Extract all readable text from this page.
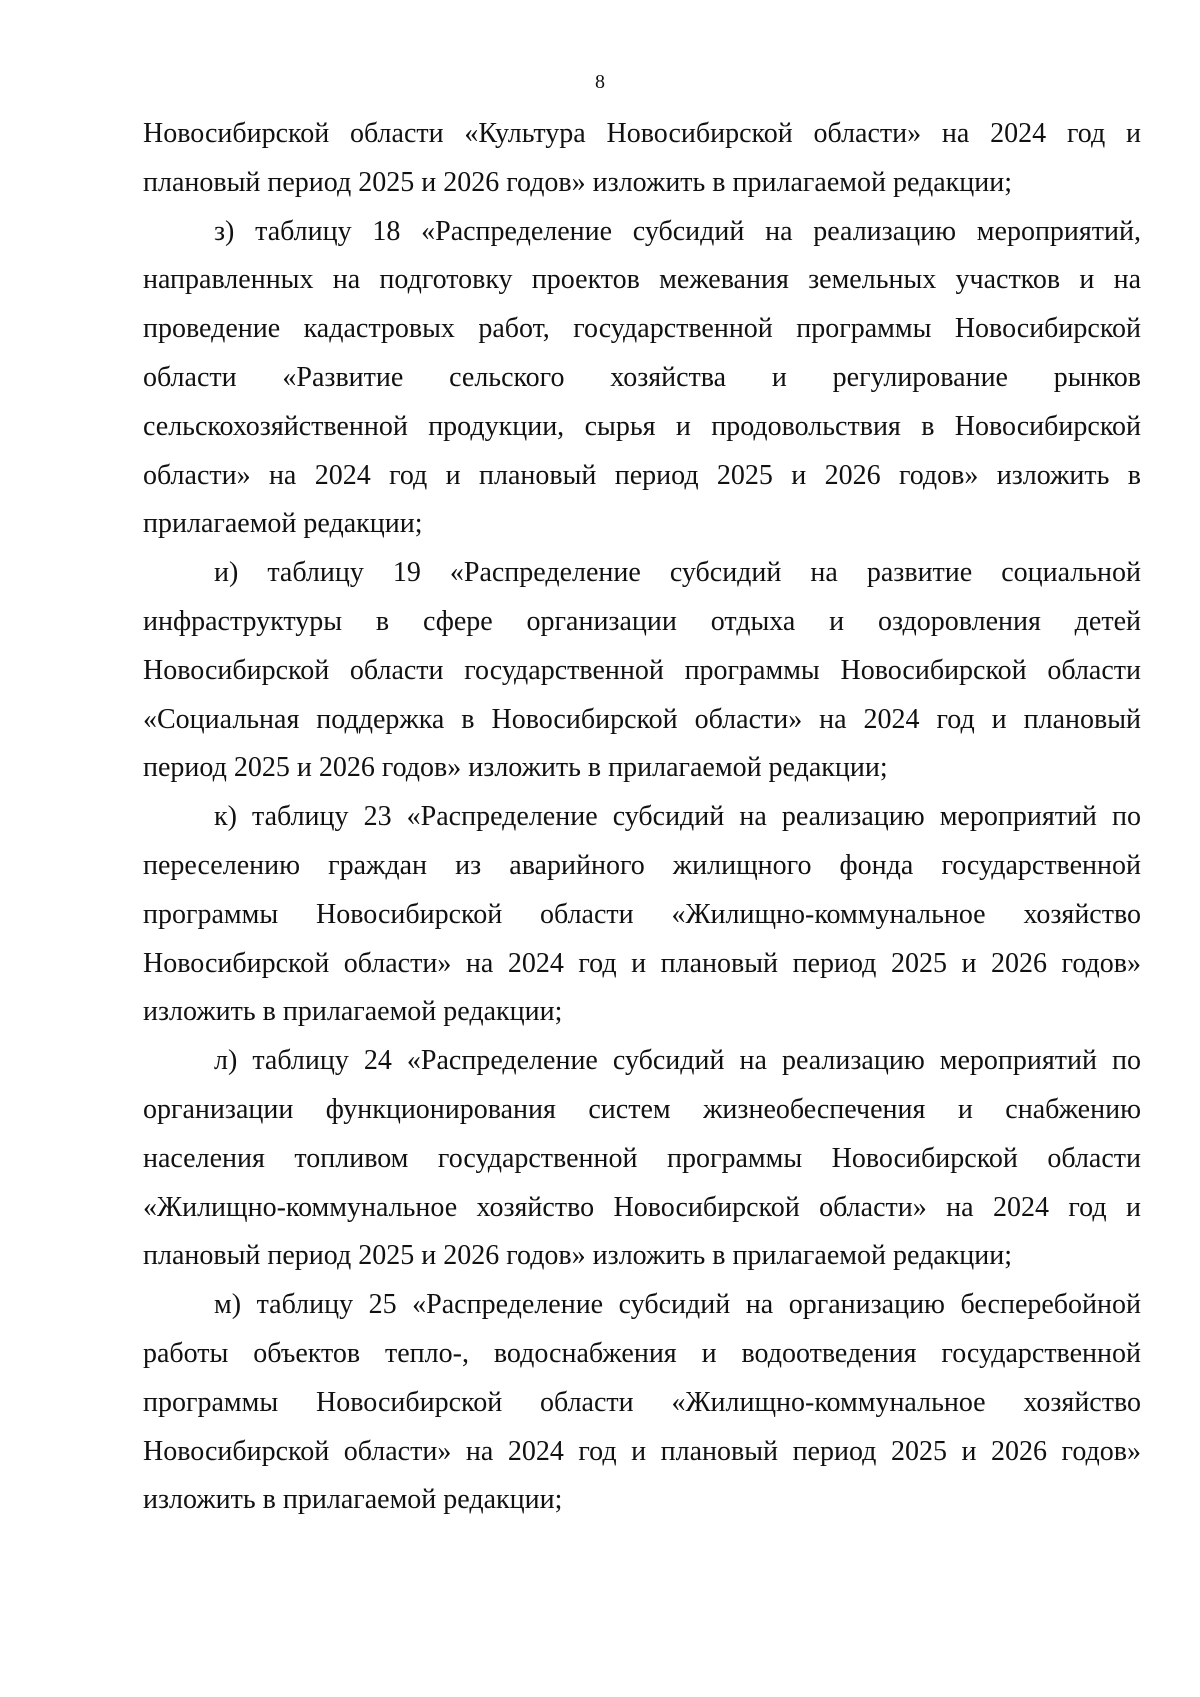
8

Новосибирской области «Культура Новосибирской области» на 2024 год и плановый период 2025 и 2026 годов» изложить в прилагаемой редакции;

з) таблицу 18 «Распределение субсидий на реализацию мероприятий, направленных на подготовку проектов межевания земельных участков и на проведение кадастровых работ, государственной программы Новосибирской области «Развитие сельского хозяйства и регулирование рынков сельскохозяйственной продукции, сырья и продовольствия в Новосибирской области» на 2024 год и плановый период 2025 и 2026 годов» изложить в прилагаемой редакции;

и) таблицу 19 «Распределение субсидий на развитие социальной инфраструктуры в сфере организации отдыха и оздоровления детей Новосибирской области государственной программы Новосибирской области «Социальная поддержка в Новосибирской области» на 2024 год и плановый период 2025 и 2026 годов» изложить в прилагаемой редакции;

к) таблицу 23 «Распределение субсидий на реализацию мероприятий по переселению граждан из аварийного жилищного фонда государственной программы Новосибирской области «Жилищно-коммунальное хозяйство Новосибирской области» на 2024 год и плановый период 2025 и 2026 годов» изложить в прилагаемой редакции;

л) таблицу 24 «Распределение субсидий на реализацию мероприятий по организации функционирования систем жизнеобеспечения и снабжению населения топливом государственной программы Новосибирской области «Жилищно-коммунальное хозяйство Новосибирской области» на 2024 год и плановый период 2025 и 2026 годов» изложить в прилагаемой редакции;

м) таблицу 25 «Распределение субсидий на организацию бесперебойной работы объектов тепло-, водоснабжения и водоотведения государственной программы Новосибирской области «Жилищно-коммунальное хозяйство Новосибирской области» на 2024 год и плановый период 2025 и 2026 годов» изложить в прилагаемой редакции;
